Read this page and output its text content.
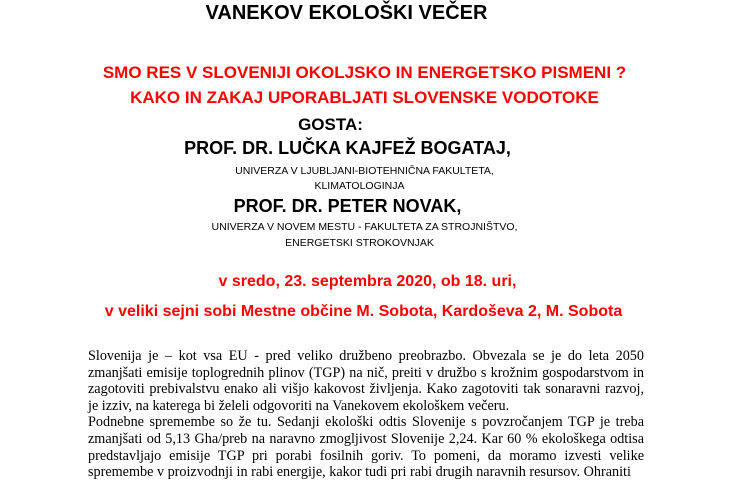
VANEKOV EKOLOŠKI VEČER
SMO RES V SLOVENIJI OKOLJSKO IN ENERGETSKO PISMENI ?
KAKO IN ZAKAJ UPORABLJATI SLOVENSKE VODOTOKE
GOSTA:
PROF. DR. LUČKA KAJFEŽ BOGATAJ,
UNIVERZA V LJUBLJANI-BIOTEHNIČNA FAKULTETA,
KLIMATOLOGINJA
PROF. DR. PETER NOVAK,
UNIVERZA V NOVEM MESTU - FAKULTETA ZA STROJNIŠTVO,
ENERGETSKI STROKOVNJAK
v sredo, 23. septembra 2020, ob 18. uri,
v veliki sejni sobi Mestne občine M. Sobota, Kardoševa 2, M. Sobota

Slovenija je – kot vsa EU - pred veliko družbeno preobrazbo. Obvezala se je do leta 2050 zmanjšati emisije toplogrednih plinov (TGP) na nič, preiti v družbo s krožnim gospodarstvom in zagotoviti prebivalstvu enako ali višjo kakovost življenja. Kako zagotoviti tak sonaravni razvoj, je izziv, na katerega bi želeli odgovoriti na Vanekovem ekološkem večeru.

Podnebne spremembe so že tu. Sedanji ekološki odtis Slovenije s povzročanjem TGP je treba zmanjšati od 5,13 Gha/preb na naravno zmogljivost Slovenije 2,24. Kar 60 % ekološkega odtisa predstavljajo emisije TGP pri porabi fosilnih goriv. To pomeni, da moramo izvesti velike spremembe v proizvodnji in rabi energije, kakor tudi pri rabi drugih naravnih resursov. Ohraniti
